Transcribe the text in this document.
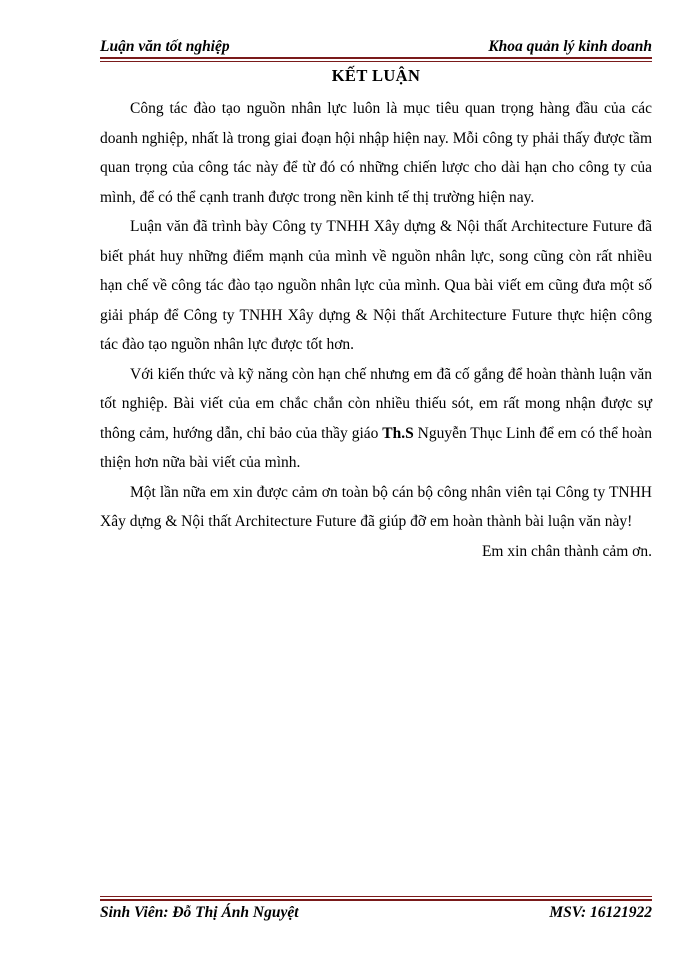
Luận văn tốt nghiệp	Khoa quản lý kinh doanh
KẾT LUẬN

Công tác đào tạo nguồn nhân lực luôn là mục tiêu quan trọng hàng đầu của các doanh nghiệp, nhất là trong giai đoạn hội nhập hiện nay. Mỗi công ty phải thấy được tầm quan trọng của công tác này để từ đó có những chiến lược cho dài hạn cho công ty của mình, để có thể cạnh tranh được trong nền kinh tế thị trường hiện nay.

Luận văn đã trình bày Công ty TNHH Xây dựng & Nội thất Architecture Future đã biết phát huy những điểm mạnh của mình về nguồn nhân lực, song cũng còn rất nhiều hạn chế về công tác đào tạo nguồn nhân lực của mình. Qua bài viết em cũng đưa một số giải pháp để Công ty TNHH Xây dựng & Nội thất Architecture Future thực hiện công tác đào tạo nguồn nhân lực được tốt hơn.

Với kiến thức và kỹ năng còn hạn chế nhưng em đã cố gắng để hoàn thành luận văn tốt nghiệp. Bài viết của em chắc chắn còn nhiều thiếu sót, em rất mong nhận được sự thông cảm, hướng dẫn, chỉ bảo của thầy giáo Th.S Nguyễn Thục Linh để em có thể hoàn thiện hơn nữa bài viết của mình.

Một lần nữa em xin được cảm ơn toàn bộ cán bộ công nhân viên tại Công ty TNHH Xây dựng & Nội thất Architecture Future đã giúp đỡ em hoàn thành bài luận văn này!

Em xin chân thành cảm ơn.

Sinh Viên: Đỗ Thị Ánh Nguyệt	MSV: 16121922
